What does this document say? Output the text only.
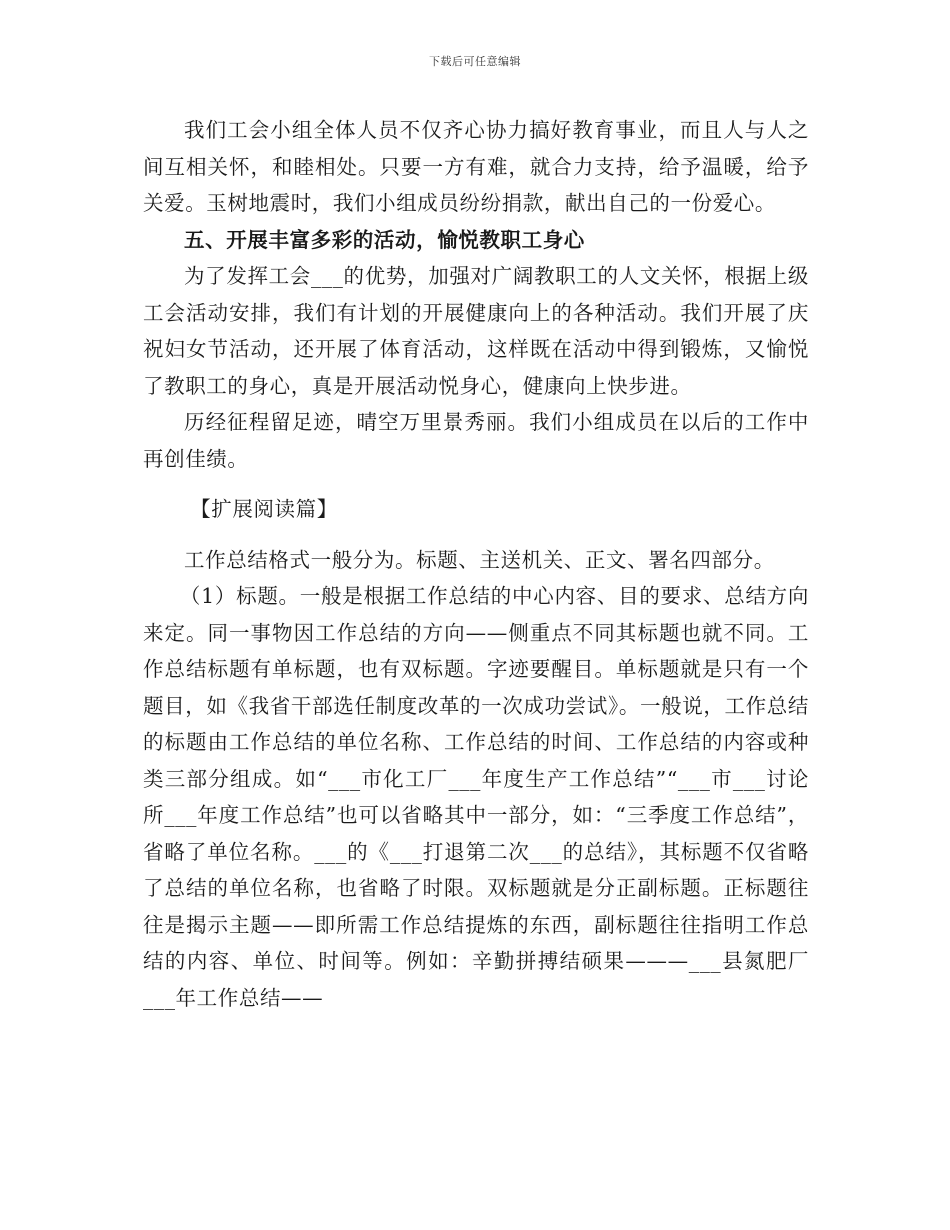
下载后可任意编辑

我们工会小组全体人员不仅齐心协力搞好教育事业，而且人与人之间互相关怀，和睦相处。只要一方有难，就合力支持，给予温暖，给予关爱。玉树地震时，我们小组成员纷纷捐款，献出自己的一份爱心。

五、开展丰富多彩的活动，愉悦教职工身心

为了发挥工会___的优势，加强对广阔教职工的人文关怀，根据上级工会活动安排，我们有计划的开展健康向上的各种活动。我们开展了庆祝妇女节活动，还开展了体育活动，这样既在活动中得到锻炼，又愉悦了教职工的身心，真是开展活动悦身心，健康向上快步进。

历经征程留足迹，晴空万里景秀丽。我们小组成员在以后的工作中再创佳绩。

【扩展阅读篇】

工作总结格式一般分为。标题、主送机关、正文、署名四部分。

（1）标题。一般是根据工作总结的中心内容、目的要求、总结方向来定。同一事物因工作总结的方向——侧重点不同其标题也就不同。工作总结标题有单标题，也有双标题。字迹要醒目。单标题就是只有一个题目，如《我省干部选任制度改革的一次成功尝试》。一般说，工作总结的标题由工作总结的单位名称、工作总结的时间、工作总结的内容或种类三部分组成。如“___市化工厂___年度生产工作总结”“___市___讨论所___年度工作总结”也可以省略其中一部分，如：“三季度工作总结”，省略了单位名称。___的《___打退第二次___的总结》，其标题不仅省略了总结的单位名称，也省略了时限。双标题就是分正副标题。正标题往往是揭示主题——即所需工作总结提炼的东西，副标题往往指明工作总结的内容、单位、时间等。例如：辛勤拼搏结硕果———___县氮肥厂___年工作总结——
